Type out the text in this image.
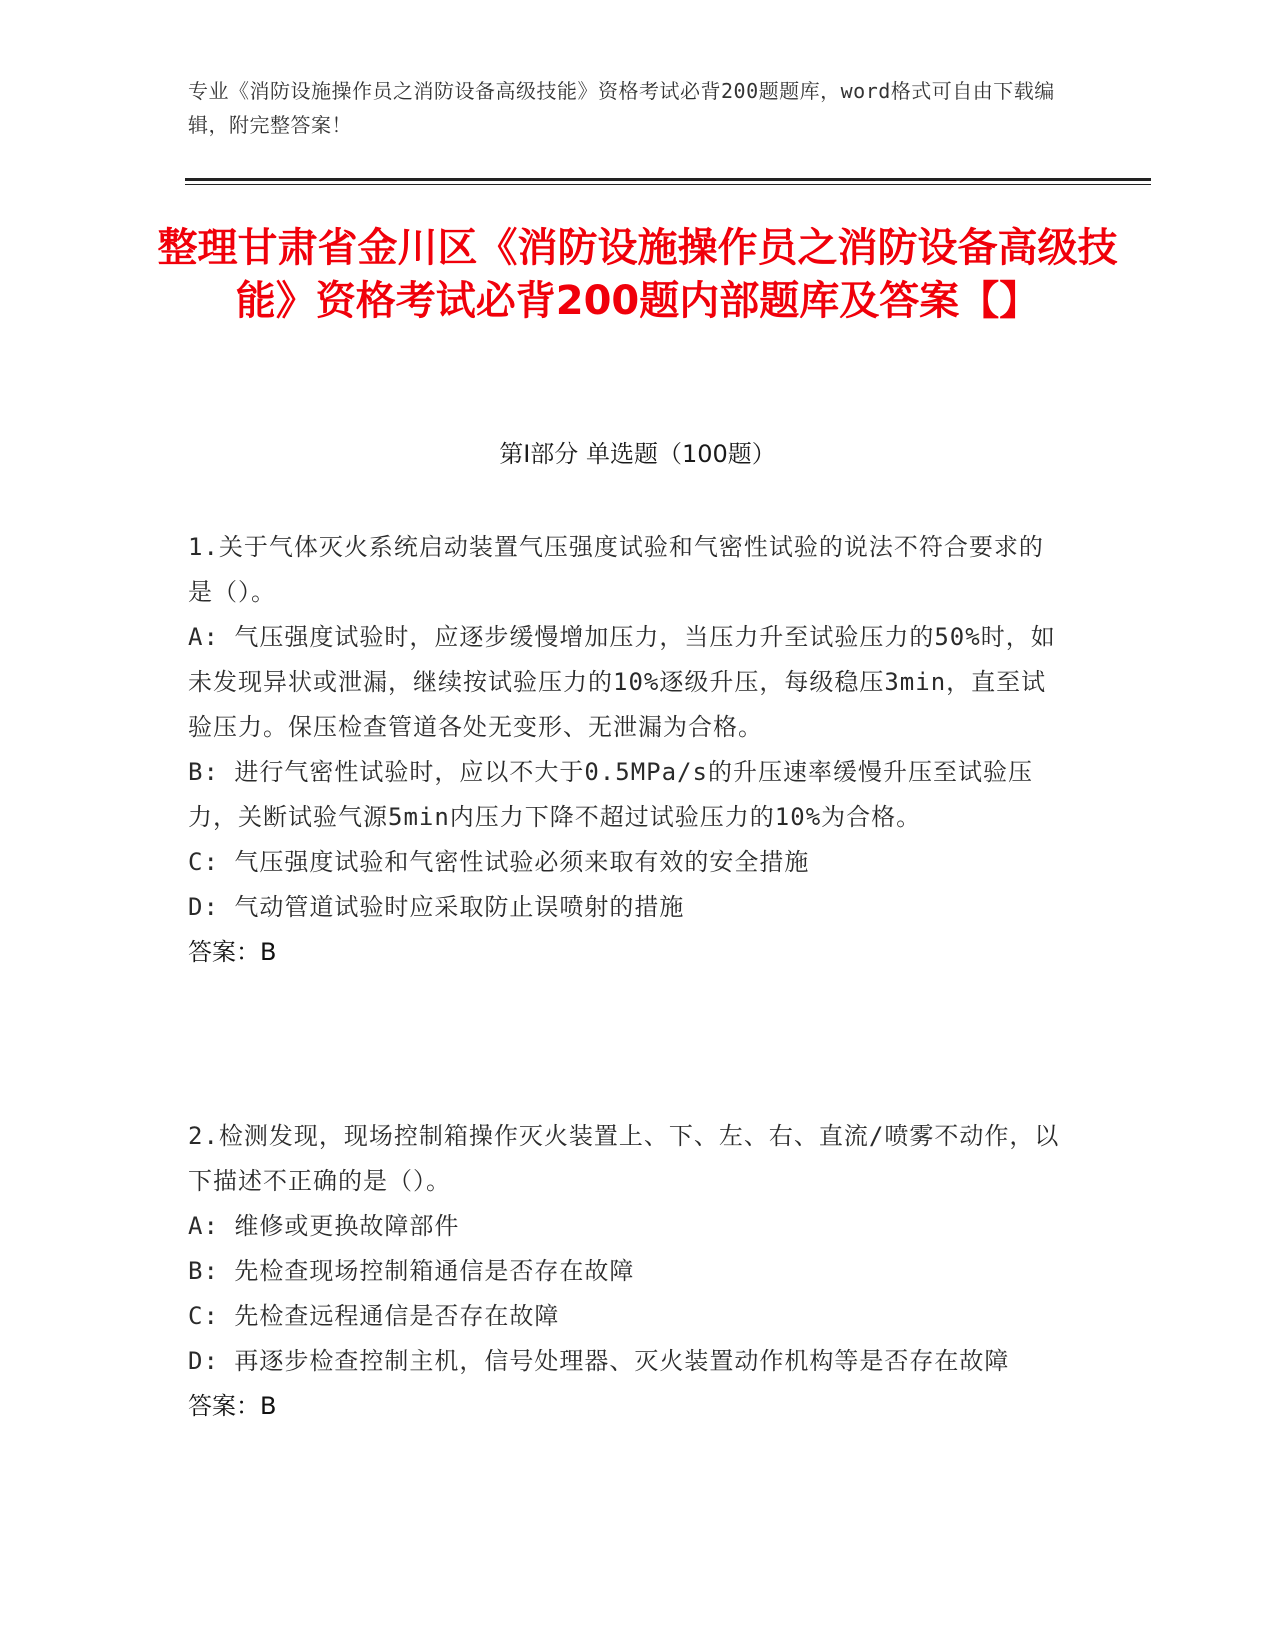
专业《消防设施操作员之消防设备高级技能》资格考试必背200题题库，word格式可自由下载编辑，附完整答案！
整理甘肃省金川区《消防设施操作员之消防设备高级技能》资格考试必背200题内部题库及答案【】
第I部分 单选题（100题）
1.关于气体灭火系统启动装置气压强度试验和气密性试验的说法不符合要求的是（）。
A: 气压强度试验时，应逐步缓慢增加压力，当压力升至试验压力的50%时，如未发现异状或泄漏，继续按试验压力的10%逐级升压，每级稳压3min，直至试验压力。保压检查管道各处无变形、无泄漏为合格。
B: 进行气密性试验时，应以不大于0.5MPa/s的升压速率缓慢升压至试验压力，关断试验气源5min内压力下降不超过试验压力的10%为合格。
C: 气压强度试验和气密性试验必须来取有效的安全措施
D: 气动管道试验时应采取防止误喷射的措施
答案：B
2.检测发现，现场控制箱操作灭火装置上、下、左、右、直流/喷雾不动作，以下描述不正确的是（）。
A: 维修或更换故障部件
B: 先检查现场控制箱通信是否存在故障
C: 先检查远程通信是否存在故障
D: 再逐步检查控制主机，信号处理器、灭火装置动作机构等是否存在故障
答案：B
